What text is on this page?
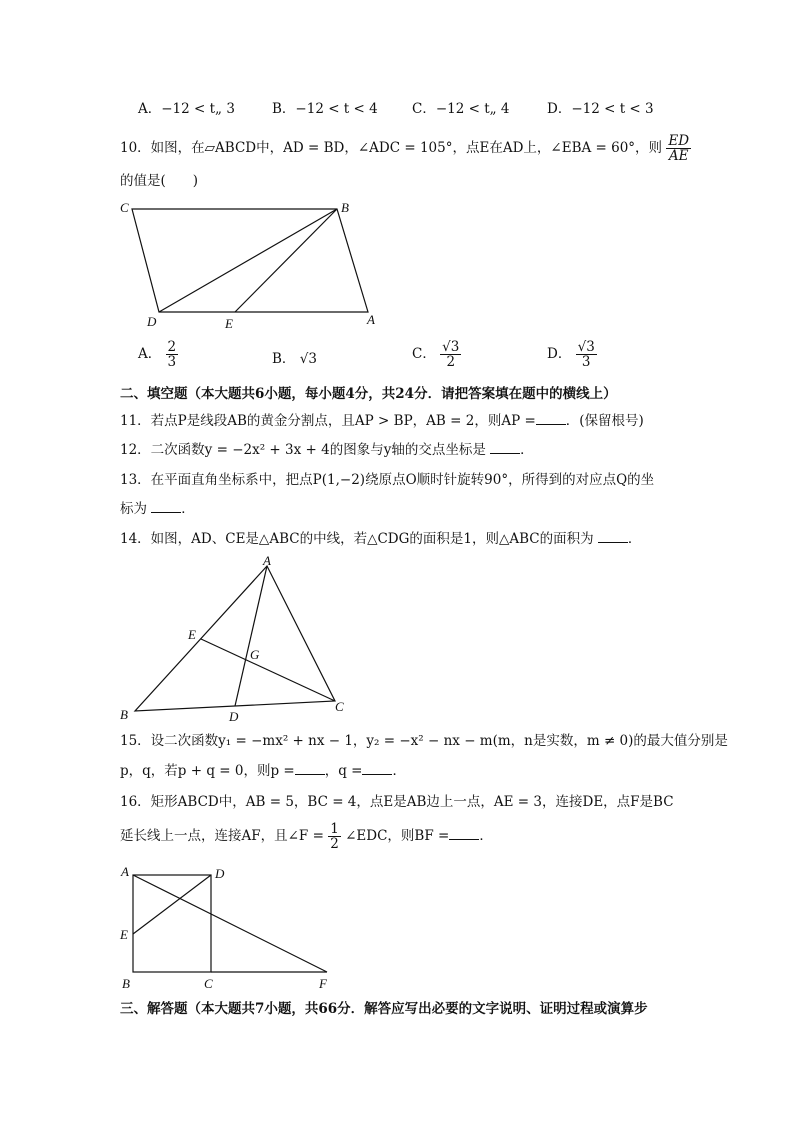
A．−12 < t„ 3	B．−12 < t < 4	C．−12 < t„ 4	D．−12 < t < 3
10．如图，在▱ABCD中，AD = BD，∠ADC = 105°，点E在AD上，∠EBA = 60°，则 $\frac{ED}{AE}$
的值是(　　)
C	B
D	E	A
A． $\frac{2}{3}$	B． √3	C． $\frac{√3}{2}$	D． $\frac{√3}{3}$
二、填空题（本大题共6小题，每小题4分，共24分．请把答案填在题中的横线上）
11．若点P是线段AB的黄金分割点，且AP > BP，AB = 2，则AP = ．(保留根号)
12．二次函数y = −2x² + 3x + 4的图象与y轴的交点坐标是	．
13．在平面直角坐标系中，把点P(1,−2)绕原点O顺时针旋转90°，所得到的对应点Q的坐
标为	．
14．如图，AD、CE是△ABC的中线，若△CDG的面积是1，则△ABC的面积为	．
A
E
G
B	D
C
15．设二次函数y₁ = −mx² + nx − 1，y₂ = −x² − nx − m(m，n是实数，m ≠ 0)的最大值分别是
p，q，若p + q = 0，则p = ，q = ．
16．矩形ABCD中，AB = 5，BC = 4，点E是AB边上一点，AE = 3，连接DE，点F是BC
延长线上一点，连接AF，且∠F = $\frac{1}{2}$ ∠EDC，则BF = ．
A	D
E
B	C	F
三、解答题（本大题共7小题，共66分．解答应写出必要的文字说明、证明过程或演算步
